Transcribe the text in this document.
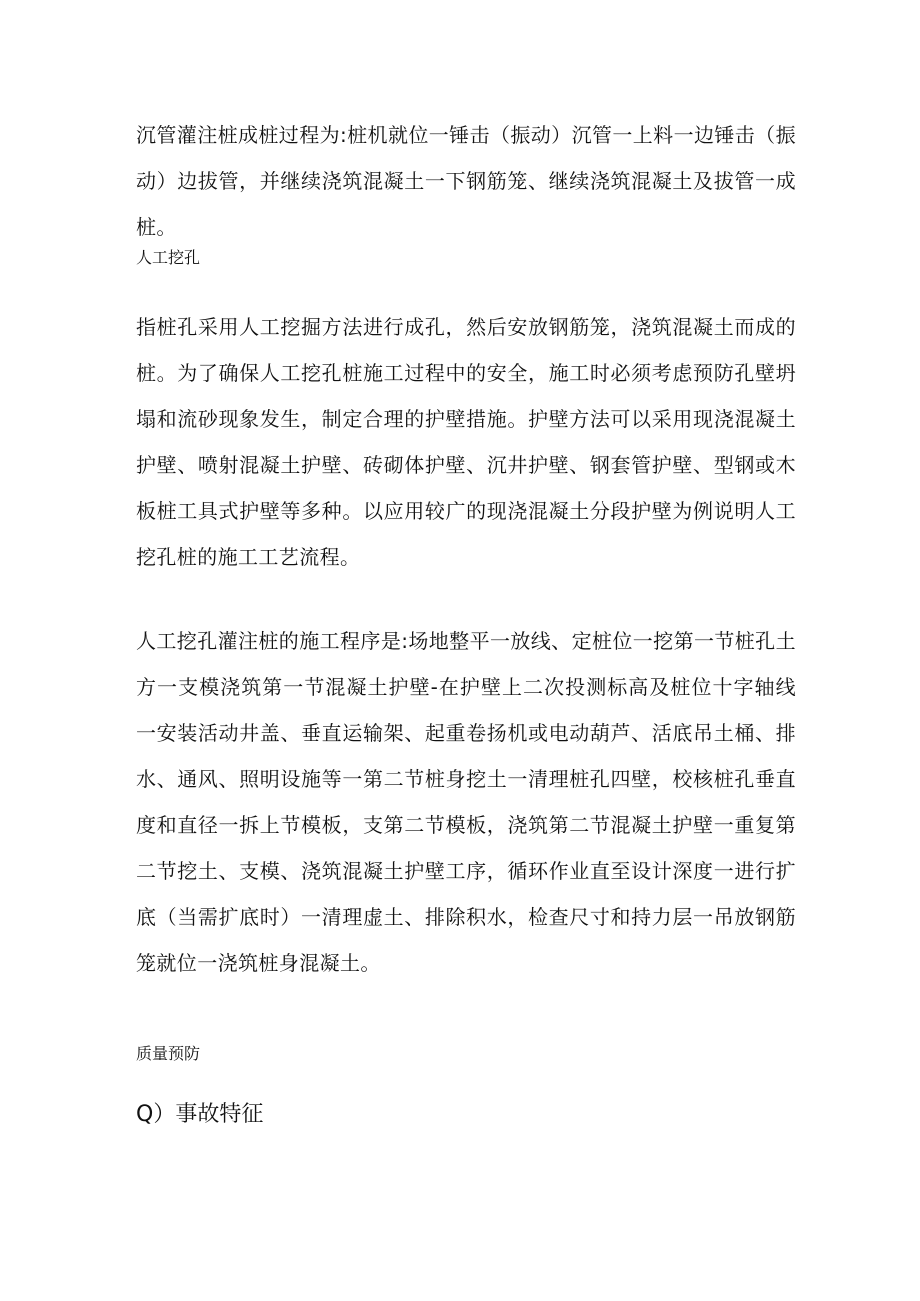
沉管灌注桩成桩过程为:桩机就位一锤击（振动）沉管一上料一边锤击（振动）边拔管，并继续浇筑混凝土一下钢筋笼、继续浇筑混凝土及拔管一成桩。

人工挖孔

指桩孔采用人工挖掘方法进行成孔，然后安放钢筋笼，浇筑混凝土而成的桩。为了确保人工挖孔桩施工过程中的安全，施工时必须考虑预防孔壁坍塌和流砂现象发生，制定合理的护壁措施。护壁方法可以采用现浇混凝土护壁、喷射混凝土护壁、砖砌体护壁、沉井护壁、钢套管护壁、型钢或木板桩工具式护壁等多种。以应用较广的现浇混凝土分段护壁为例说明人工挖孔桩的施工工艺流程。

人工挖孔灌注桩的施工程序是:场地整平一放线、定桩位一挖第一节桩孔土方一支模浇筑第一节混凝土护壁-在护壁上二次投测标高及桩位十字轴线一安装活动井盖、垂直运输架、起重卷扬机或电动葫芦、活底吊土桶、排水、通风、照明设施等一第二节桩身挖土一清理桩孔四壁，校核桩孔垂直度和直径一拆上节模板，支第二节模板，浇筑第二节混凝土护壁一重复第二节挖土、支模、浇筑混凝土护壁工序，循环作业直至设计深度一进行扩底（当需扩底时）一清理虚土、排除积水，检查尺寸和持力层一吊放钢筋笼就位一浇筑桩身混凝土。

质量预防
Q）事故特征
